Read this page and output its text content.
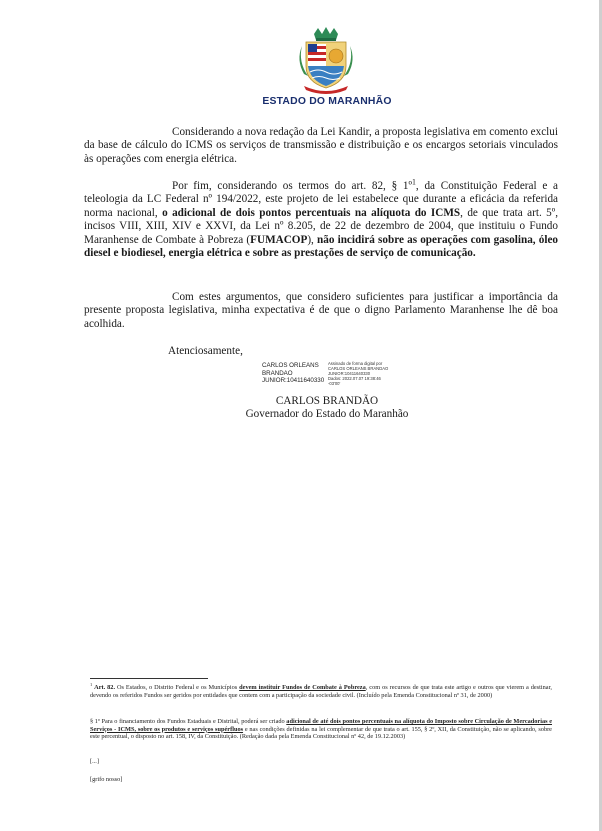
ESTADO DO MARANHÃO
Considerando a nova redação da Lei Kandir, a proposta legislativa em comento exclui da base de cálculo do ICMS os serviços de transmissão e distribuição e os encargos setoriais vinculados às operações com energia elétrica.
Por fim, considerando os termos do art. 82, § 1º$^1$, da Constituição Federal e a teleologia da LC Federal nº 194/2022, este projeto de lei estabelece que durante a eficácia da referida norma nacional, o adicional de dois pontos percentuais na alíquota do ICMS, de que trata art. 5º, incisos VIII, XIII, XIV e XXVI, da Lei nº 8.205, de 22 de dezembro de 2004, que instituiu o Fundo Maranhense de Combate à Pobreza (FUMACOP), não incidirá sobre as operações com gasolina, óleo diesel e biodiesel, energia elétrica e sobre as prestações de serviço de comunicação.
Com estes argumentos, que considero suficientes para justificar a importância da presente proposta legislativa, minha expectativa é de que o digno Parlamento Maranhense lhe dê boa acolhida.
Atenciosamente,
CARLOS ORLEANS
BRANDAO
JUNIOR:10411640330
Assinado de forma digital por
CARLOS ORLEANS BRANDAO
JUNIOR:10411640330
Dados: 2022.07.07 19:38:46
-03'00'
CARLOS BRANDÃO
Governador do Estado do Maranhão
$^1$ Art. 82. Os Estados, o Distrito Federal e os Municípios devem instituir Fundos de Combate à Pobreza, com os recursos de que trata este artigo e outros que vierem a destinar, devendo os referidos Fundos ser geridos por entidades que contem com a participação da sociedade civil. (Incluído pela Emenda Constitucional nº 31, de 2000)
§ 1º Para o financiamento dos Fundos Estaduais e Distrital, poderá ser criado adicional de até dois pontos percentuais na alíquota do Imposto sobre Circulação de Mercadorias e Serviços - ICMS, sobre os produtos e serviços supérfluos e nas condições definidas na lei complementar de que trata o art. 155, § 2º, XII, da Constituição, não se aplicando, sobre este percentual, o disposto no art. 158, IV, da Constituição. (Redação dada pela Emenda Constitucional nº 42, de 19.12.2003)
[...]
[grifo nosso]
